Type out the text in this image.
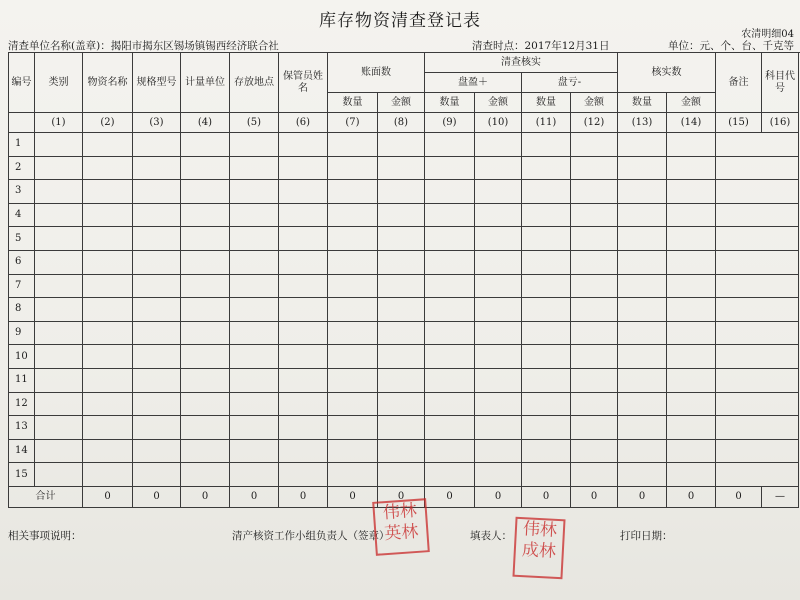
库存物资清查登记表
农清明细04
清查单位名称(盖章)：揭阳市揭东区锡场镇锡西经济联合社	清查时点：2017年12月31日	单位：元、个、台、千克等
编号	类别	物资名称	规格型号	计量单位	存放地点	保管员姓名	账面数		清查核实				核实数		备注	科目代号
									盘盈＋		盘亏-					
							数量	金额	数量	金额	数量	金额	数量	金额		
	(1)	(2)	(3)	(4)	(5)	(6)	(7)	(8)	(9)	(10)	(11)	(12)	(13)	(14)	(15)	(16)
1																
2																
3																
4																
5																
6																
7																
8																
9																
10																
11																
12																
13																
14																
15																
合计		0	0	0	0	0	0	0	0	0	0	0	0	0	0	—
相关事项说明：	清产核资工作小组负责人（签章）	填表人：	打印日期：
伟林
英林	伟林
成林
